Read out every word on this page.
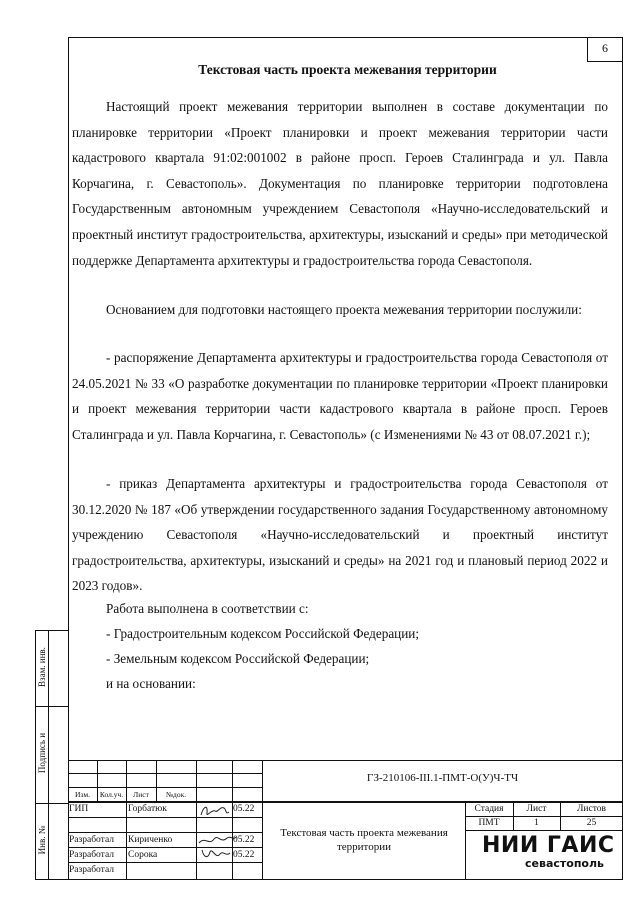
6
Текстовая часть проекта межевания территории

Настоящий проект межевания территории выполнен в составе документации по планировке территории «Проект планировки и проект межевания территории части кадастрового квартала 91:02:001002 в районе просп. Героев Сталинграда и ул. Павла Корчагина, г. Севастополь». Документация по планировке территории подготовлена Государственным автономным учреждением Севастополя «Научно-исследовательский и проектный институт градостроительства, архитектуры, изысканий и среды» при методической поддержке Департамента архитектуры и градостроительства города Севастополя.

Основанием для подготовки настоящего проекта межевания территории послужили:

- распоряжение Департамента архитектуры и градостроительства города Севастополя от 24.05.2021 № 33 «О разработке документации по планировке территории «Проект планировки и проект межевания территории части кадастрового квартала в районе просп. Героев Сталинграда и ул. Павла Корчагина, г. Севастополь» (с Изменениями № 43 от 08.07.2021 г.);

- приказ Департамента архитектуры и градостроительства города Севастополя от 30.12.2020 № 187 «Об утверждении государственного задания Государственному автономному учреждению Севастополя «Научно-исследовательский и проектный институт градостроительства, архитектуры, изысканий и среды» на 2021 год и плановый период 2022 и 2023 годов».

Работа выполнена в соответствии с:

- Градостроительным кодексом Российской Федерации;

- Земельным кодексом Российской Федерации;

и на основании:

Взам. инв.
Подпись и
Инв. №
Изм.	Кол.уч.	Лист	№док.
ГЗ-210106-III.1-ПМТ-О(У)Ч-ТЧ
ГИП	Горбатюк	05.22
Разработал Кириченко	05.22
Разработал Сорока	05.22
Разработал
Текстовая часть проекта межевания территории
Стадия	Лист	Листов
ПМТ	1	25
НИИ ГАИС
севастополь
